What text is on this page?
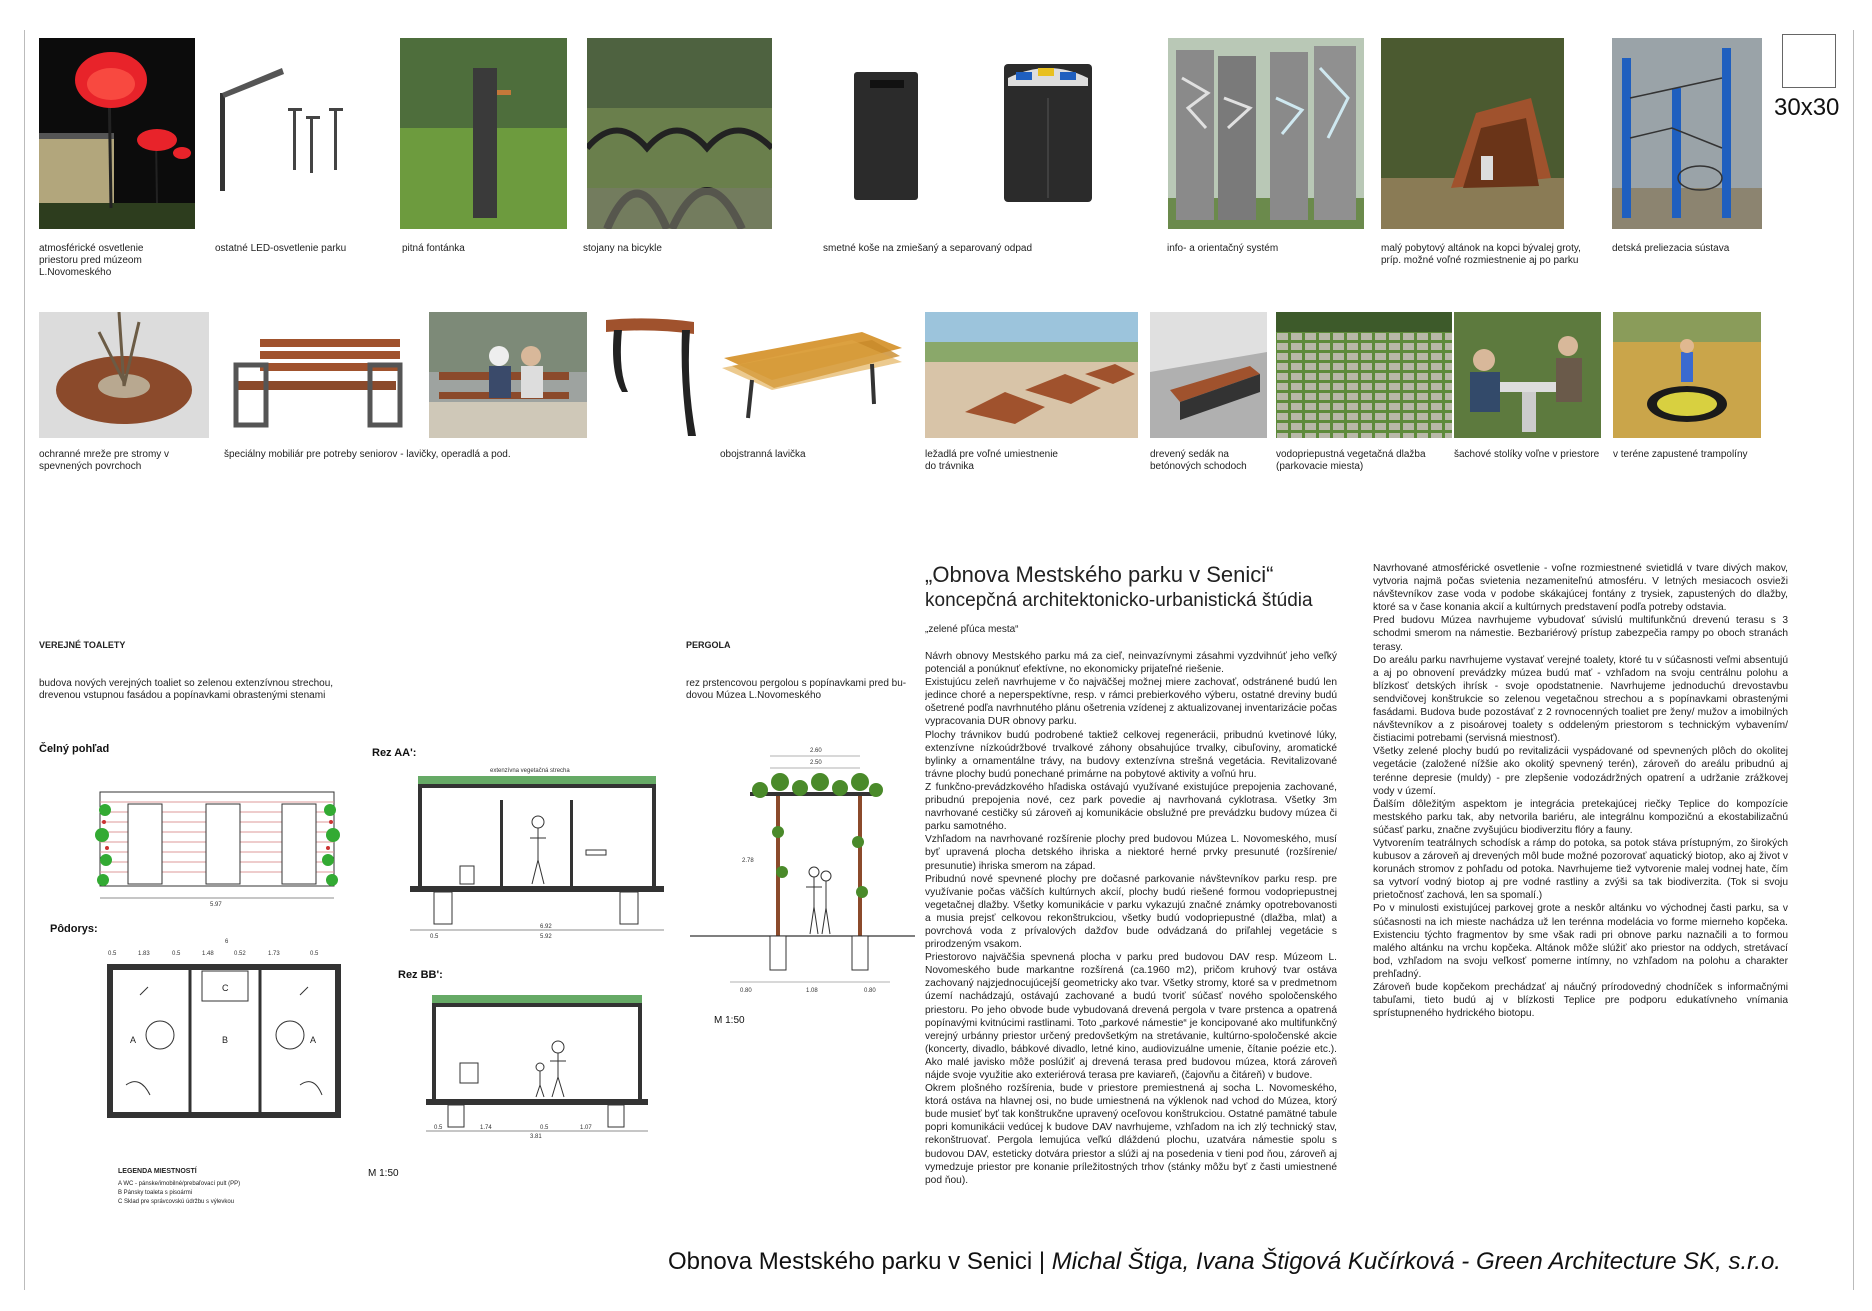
30x30
atmosférické osvetlenie
priestoru pred múzeom
L.Novomeského
ostatné LED-osvetlenie parku	pitná fontánka	stojany na bicykle	smetné koše na zmiešaný a separovaný odpad	info- a orientačný systém	malý pobytový altánok na kopci bývalej groty,
príp. možné voľné rozmiestnenie aj po parku
detská preliezacia sústava
ochranné mreže pre stromy v
spevnených povrchoch
špeciálny mobiliár pre potreby seniorov - lavičky, operadlá a pod.	obojstranná lavička	ležadlá pre voľné umiestnenie
do trávnika
drevený sedák na
betónových schodoch
vodopriepustná vegetačná dlažba
(parkovacie miesta)
šachové stolíky voľne v priestore v teréne zapustené trampolíny
VEREJNÉ TOALETY
budova nových verejných toaliet so zelenou extenzívnou strechou,
drevenou vstupnou fasádou a popínavkami obrastenými stenami
Čelný pohľad	Rez AA':
Pôdorys:
Rez BB':
5.97
extenzívna vegetačná strecha
0.5
6.92
5.92
6
0.5	1.83	0.5	1.48	0.52	1.73	0.5
A	B
C
A
LEGENDA MIESTNOSTÍ
A WC - pánske/imobilné/prebaľovací pult (PP)
B Pánsky toaleta s pisoármi
C Sklad pre správcovskú údržbu s výlevkou
0.5	1.74	0.5	1.07
3.81
M 1:50
PERGOLA
rez prstencovou pergolou s popínavkami pred bu-
dovou Múzea L.Novomeského
2.60
2.50
2.78
0.80	1.08	0.80
M 1:50
„Obnova Mestského parku v Senici“
koncepčná architektonicko-urbanistická štúdia
„zelené pľúca mesta“
Návrh obnovy Mestského parku má za cieľ, neinvazívnymi zásahmi vyzdvihnúť jeho veľký potenciál a ponúknuť efektívne, no ekonomicky prijateľné riešenie.
Existujúcu zeleň navrhujeme v čo najväčšej možnej miere zachovať, odstránené budú len jedince choré a neperspektívne, resp. v rámci prebierkového výberu, ostatné dreviny budú ošetrené podľa navrhnutého plánu ošetrenia vzídenej z aktualizovanej inventarizácie počas vypracovania DUR obnovy parku.
Plochy trávnikov budú podrobené taktiež celkovej regenerácii, pribudnú kvetinové lúky, extenzívne nízkoúdržbové trvalkové záhony obsahujúce trvalky, cibuľoviny, aromatické bylinky a ornamentálne trávy, na budovy extenzívna strešná vegetácia. Revitalizované trávne plochy budú ponechané primárne na pobytové aktivity a voľnú hru.
Z funkčno-prevádzkového hľadiska ostávajú využívané existujúce prepojenia zachované, pribudnú prepojenia nové, cez park povedie aj navrhovaná cyklotrasa. Všetky 3m navrhované cestičky sú zároveň aj komunikácie obslužné pre prevádzku budovy múzea či parku samotného.
Vzhľadom na navrhované rozšírenie plochy pred budovou Múzea L. Novomeského, musí byť upravená plocha detského ihriska a niektoré herné prvky presunuté (rozšírenie/ presunutie) ihriska smerom na západ.
Pribudnú nové spevnené plochy pre dočasné parkovanie návštevníkov parku resp. pre využívanie počas väčších kultúrnych akcií, plochy budú riešené formou vodopriepustnej vegetačnej dlažby. Všetky komunikácie v parku vykazujú značné známky opotrebovanosti a musia prejsť celkovou rekonštrukciou, všetky budú vodopriepustné (dlažba, mlat) a povrchová voda z prívalových dažďov bude odvádzaná do priľahlej vegetácie s prirodzeným vsakom.
Priestorovo najväčšia spevnená plocha v parku pred budovou DAV resp. Múzeom L. Novomeského bude markantne rozšírená (ca.1960 m2), pričom kruhový tvar ostáva zachovaný najzjednocujúcejší geometricky ako tvar. Všetky stromy, ktoré sa v predmetnom území nachádzajú, ostávajú zachované a budú tvoriť súčasť nového spoločenského priestoru. Po jeho obvode bude vybudovaná drevená pergola v tvare prstenca a opatrená popínavými kvitnúcimi rastlinami. Toto „parkové námestie“ je koncipované ako multifunkčný verejný urbánny priestor určený predovšetkým na stretávanie, kultúrno-spoločenské akcie (koncerty, divadlo, bábkové divadlo, letné kino, audiovizuálne umenie, čítanie poézie etc.). Ako malé javisko môže poslúžiť aj drevená terasa pred budovou múzea, ktorá zároveň nájde svoje využitie ako exteriérová terasa pre kaviareň, (čajovňu a čitáreň) v budove.
Okrem plošného rozšírenia, bude v priestore premiestnená aj socha L. Novomeského, ktorá ostáva na hlavnej osi, no bude umiestnená na výklenok nad vchod do Múzea, ktorý bude musieť byť tak konštrukčne upravený oceľovou konštrukciou. Ostatné pamätné tabule popri komunikácii vedúcej k budove DAV navrhujeme, vzhľadom na ich zlý technický stav, rekonštruovať. Pergola lemujúca veľkú dláždenú plochu, uzatvára námestie spolu s budovou DAV, esteticky dotvára priestor a slúži aj na posedenia v tieni pod ňou, zároveň aj vymedzuje priestor pre konanie príležitostných trhov (stánky môžu byť z časti umiestnené pod ňou).
Navrhované atmosférické osvetlenie - voľne rozmiestnené svietidlá v tvare divých makov, vytvoria najmä počas svietenia nezameniteľnú atmosféru. V letných mesiacoch osvieži návštevníkov zase voda v podobe skákajúcej fontány z trysiek, zapustených do dlažby, ktoré sa v čase konania akcií a kultúrnych predstavení podľa potreby odstavia.
Pred budovu Múzea navrhujeme vybudovať súvislú multifunkčnú drevenú terasu s 3 schodmi smerom na námestie. Bezbariérový prístup zabezpečia rampy po oboch stranách terasy.
Do areálu parku navrhujeme vystavať verejné toalety, ktoré tu v súčasnosti veľmi absentujú a aj po obnovení prevádzky múzea budú mať - vzhľadom na svoju centrálnu polohu a blízkosť detských ihrísk - svoje opodstatnenie. Navrhujeme jednoduchú drevostavbu sendvičovej konštrukcie so zelenou vegetačnou strechou a s popínavkami obrastenými fasádami. Budova bude pozostávať z 2 rovnocenných toaliet pre ženy/ mužov a imobilných návštevníkov a z pisoárovej toalety s oddeleným priestorom s technickým vybavením/čistiacimi potrebami (servisná miestnosť).
Všetky zelené plochy budú po revitalizácii vyspádované od spevnených plôch do okolitej vegetácie (založené nížšie ako okolitý spevnený terén), zároveň do areálu pribudnú aj terénne depresie (muldy) - pre zlepšenie vodozádržných opatrení a udržanie zrážkovej vody v území.
Ďalším dôležitým aspektom je integrácia pretekajúcej riečky Teplice do kompozície mestského parku tak, aby netvorila bariéru, ale integrálnu kompozičnú a ekostabilizačnú súčasť parku, značne zvyšujúcu biodiverzitu flóry a fauny.
Vytvorením teatrálnych schodísk a rámp do potoka, sa potok stáva prístupným, zo širokých kubusov a zároveň aj drevených môl bude možné pozorovať aquatický biotop, ako aj život v korunách stromov z pohľadu od potoka. Navrhujeme tiež vytvorenie malej vodnej hate, čím sa vytvorí vodný biotop aj pre vodné rastliny a zvýši sa tak biodiverzita. (Tok si svoju prietočnosť zachová, len sa spomalí.)
Po v minulosti existujúcej parkovej grote a neskôr altánku vo východnej časti parku, sa v súčasnosti na ich mieste nachádza už len terénna modelácia vo forme mierneho kopčeka. Existenciu týchto fragmentov by sme však radi pri obnove parku naznačili a to formou malého altánku na vrchu kopčeka. Altánok môže slúžiť ako priestor na oddych, stretávací bod, vzhľadom na svoju veľkosť pomerne intímny, no vzhľadom na polohu a charakter prehľadný.
Zároveň bude kopčekom prechádzať aj náučný prírodovedný chodníček s informačnými tabuľami, tieto budú aj v blízkosti Teplice pre podporu edukatívneho vnímania sprístupneného hydrického biotopu.
Obnova Mestského parku v Senici | Michal Štiga, Ivana Štigová Kučírková - Green Architecture SK, s.r.o.
